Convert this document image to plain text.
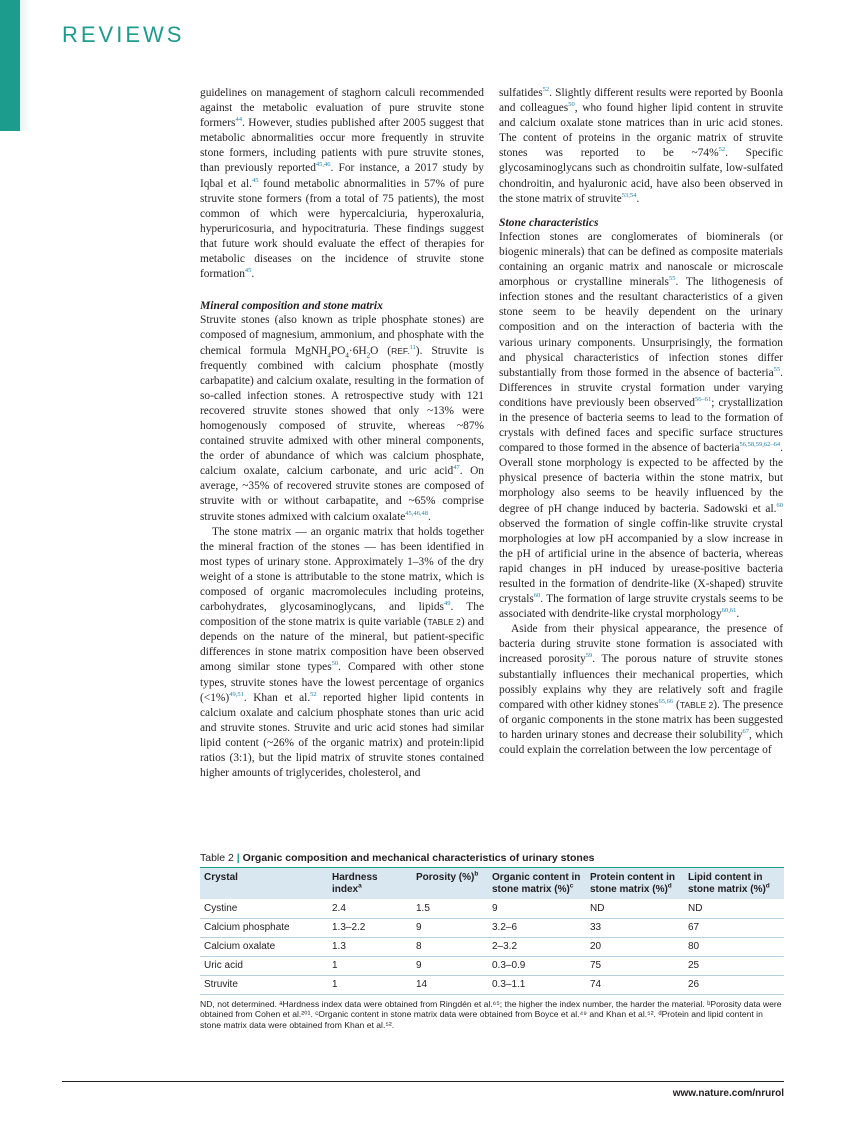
REVIEWS

guidelines on management of staghorn calculi recommended against the metabolic evaluation of pure struvite stone formers$^{44}$. However, studies published after 2005 suggest that metabolic abnormalities occur more frequently in struvite stone formers, including patients with pure struvite stones, than previously reported$^{45,46}$. For instance, a 2017 study by Iqbal et al.$^{45}$ found metabolic abnormalities in 57% of pure struvite stone formers (from a total of 75 patients), the most common of which were hypercalciuria, hyperoxaluria, hyperuricosuria, and hypocitraturia. These findings suggest that future work should evaluate the effect of therapies for metabolic diseases on the incidence of struvite stone formation$^{45}$.

Mineral composition and stone matrix

Struvite stones (also known as triple phosphate stones) are composed of magnesium, ammonium, and phosphate with the chemical formula $MgNH_4PO_4\cdot 6H_2O$ (REF.$^{11}$). Struvite is frequently combined with calcium phosphate (mostly carbapatite) and calcium oxalate, resulting in the formation of so-called infection stones. A retrospective study with 121 recovered struvite stones showed that only ~13% were homogenously composed of struvite, whereas ~87% contained struvite admixed with other mineral components, the order of abundance of which was calcium phosphate, calcium oxalate, calcium carbonate, and uric acid$^{47}$. On average, ~35% of recovered struvite stones are composed of struvite with or without carbapatite, and ~65% comprise struvite stones admixed with calcium oxalate$^{45,46,48}$.

The stone matrix — an organic matrix that holds together the mineral fraction of the stones — has been identified in most types of urinary stone. Approximately 1–3% of the dry weight of a stone is attributable to the stone matrix, which is composed of organic macromolecules including proteins, carbohydrates, glycosaminoglycans, and lipids$^{49}$. The composition of the stone matrix is quite variable (TABLE 2) and depends on the nature of the mineral, but patient-specific differences in stone matrix composition have been observed among similar stone types$^{50}$. Compared with other stone types, struvite stones have the lowest percentage of organics (<1%)$^{49,51}$. Khan et al.$^{52}$ reported higher lipid contents in calcium oxalate and calcium phosphate stones than uric acid and struvite stones. Struvite and uric acid stones had similar lipid content (~26% of the organic matrix) and protein:lipid ratios (3:1), but the lipid matrix of struvite stones contained higher amounts of triglycerides, cholesterol, and

sulfatides$^{52}$. Slightly different results were reported by Boonla and colleagues$^{50}$, who found higher lipid content in struvite and calcium oxalate stone matrices than in uric acid stones. The content of proteins in the organic matrix of struvite stones was reported to be ~74%$^{52}$. Specific glycosaminoglycans such as chondroitin sulfate, low-sulfated chondroitin, and hyaluronic acid, have also been observed in the stone matrix of struvite$^{53,54}$.

Stone characteristics

Infection stones are conglomerates of biominerals (or biogenic minerals) that can be defined as composite materials containing an organic matrix and nanoscale or microscale amorphous or crystalline minerals$^{55}$. The lithogenesis of infection stones and the resultant characteristics of a given stone seem to be heavily dependent on the urinary composition and on the interaction of bacteria with the various urinary components. Unsurprisingly, the formation and physical characteristics of infection stones differ substantially from those formed in the absence of bacteria$^{55}$. Differences in struvite crystal formation under varying conditions have previously been observed$^{56-61}$; crystallization in the presence of bacteria seems to lead to the formation of crystals with defined faces and specific surface structures compared to those formed in the absence of bacteria$^{56,58,59,62-64}$. Overall stone morphology is expected to be affected by the physical presence of bacteria within the stone matrix, but morphology also seems to be heavily influenced by the degree of pH change induced by bacteria. Sadowski et al.$^{60}$ observed the formation of single coffin-like struvite crystal morphologies at low pH accompanied by a slow increase in the pH of artificial urine in the absence of bacteria, whereas rapid changes in pH induced by urease-positive bacteria resulted in the formation of dendrite-like (X-shaped) struvite crystals$^{60}$. The formation of large struvite crystals seems to be associated with dendrite-like crystal morphology$^{60,61}$.

Aside from their physical appearance, the presence of bacteria during struvite stone formation is associated with increased porosity$^{59}$. The porous nature of struvite stones substantially influences their mechanical properties, which possibly explains why they are relatively soft and fragile compared with other kidney stones$^{65,66}$ (TABLE 2). The presence of organic components in the stone matrix has been suggested to harden urinary stones and decrease their solubility$^{67}$, which could explain the correlation between the low percentage of

Table 2 | Organic composition and mechanical characteristics of urinary stones
Crystal	Hardness index$^a$	Porosity (%)$^b$	Organic content in stone matrix (%)$^c$	Protein content in stone matrix (%)$^d$	Lipid content in stone matrix (%)$^d$
Cystine	2.4	1.5	9	ND	ND
Calcium phosphate	1.3–2.2	9	3.2–6	33	67
Calcium oxalate	1.3	8	2–3.2	20	80
Uric acid	1	9	0.3–0.9	75	25
Struvite	1	14	0.3–1.1	74	26
ND, not determined. ᵃHardness index data were obtained from Ringdén et al.⁶⁵; the higher the index number, the harder the material. ᵇPorosity data were obtained from Cohen et al.²⁰¹. ᶜOrganic content in stone matrix data were obtained from Boyce et al.⁴⁹ and Khan et al.⁵². ᵈProtein and lipid content in stone matrix data were obtained from Khan et al.⁵².
www.nature.com/nrurol
